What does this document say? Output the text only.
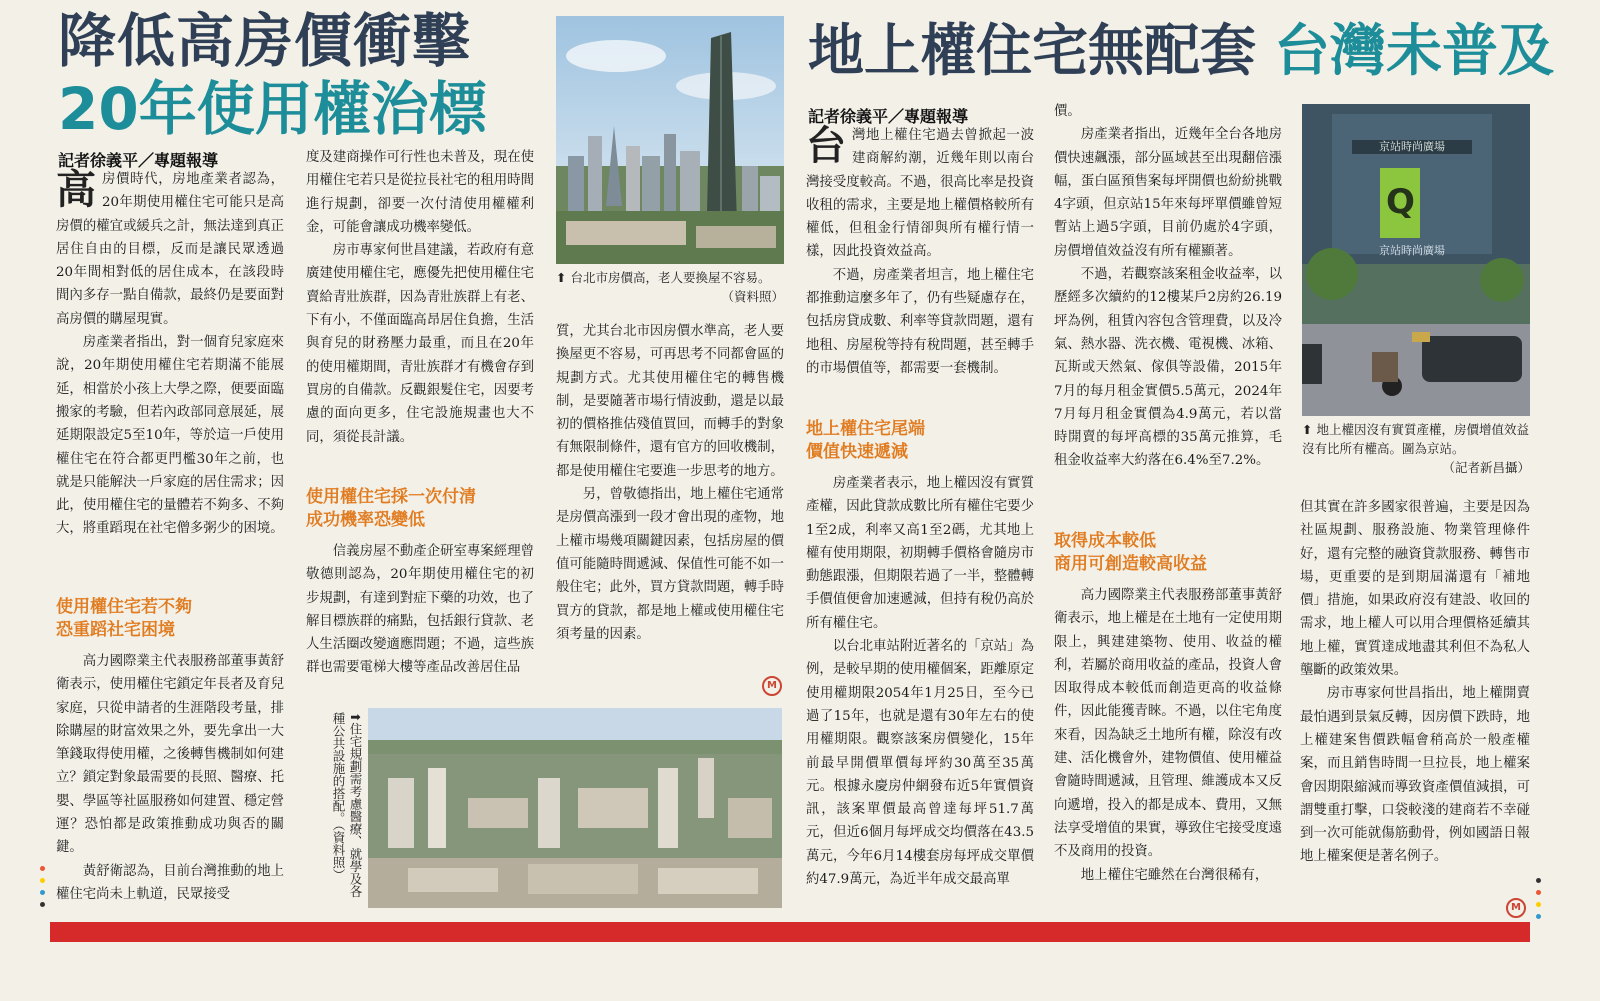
降低高房價衝擊
20年使用權治標
地上權住宅無配套 台灣未普及
記者徐義平／專題報導

高房價時代，房地產業者認為，20年期使用權住宅可能只是高房價的權宜或緩兵之計，無法達到真正居住自由的目標，反而是讓民眾透過20年間相對低的居住成本，在該段時間內多存一點自備款，最終仍是要面對高房價的購屋現實。

房產業者指出，對一個育兒家庭來說，20年期使用權住宅若期滿不能展延，相當於小孩上大學之際，便要面臨搬家的考驗，但若內政部同意展延，展延期限設定5至10年，等於這一戶使用權住宅在符合都更門檻30年之前，也就是只能解決一戶家庭的居住需求；因此，使用權住宅的量體若不夠多、不夠大，將重蹈現在社宅僧多粥少的困境。

使用權住宅若不夠
恐重蹈社宅困境

高力國際業主代表服務部董事黃舒衛表示，使用權住宅鎖定年長者及育兒家庭，只從申請者的生涯階段考量，排除購屋的財富效果之外，要先拿出一大筆錢取得使用權，之後轉售機制如何建立？鎖定對象最需要的長照、醫療、托嬰、學區等社區服務如何建置、穩定營運？恐怕都是政策推動成功與否的關鍵。

黃舒衛認為，目前台灣推動的地上權住宅尚未上軌道，民眾接受

度及建商操作可行性也未普及，現在使用權住宅若只是從拉長社宅的租用時間進行規劃，卻要一次付清使用權權利金，可能會讓成功機率變低。

房市專家何世昌建議，若政府有意廣建使用權住宅，應優先把使用權住宅賣給青壯族群，因為青壯族群上有老、下有小，不僅面臨高昂居住負擔，生活與育兒的財務壓力最重，而且在20年的使用權期間，青壯族群才有機會存到買房的自備款。反觀銀髮住宅，因要考慮的面向更多，住宅設施規畫也大不同，須從長計議。

使用權住宅採一次付清
成功機率恐變低

信義房屋不動產企研室專案經理曾敬德則認為，20年期使用權住宅的初步規劃，有達到對症下藥的功效，也了解目標族群的痛點，包括銀行貸款、老人生活圈改變適應問題；不過，這些族群也需要電梯大樓等產品改善居住品

質，尤其台北市因房價水準高，老人要換屋更不容易，可再思考不同都會區的規劃方式。尤其使用權住宅的轉售機制，是要隨著市場行情波動，還是以最初的價格推估殘值買回，而轉手的對象有無限制條件，還有官方的回收機制，都是使用權住宅要進一步思考的地方。

另，曾敬德指出，地上權住宅通常是房價高漲到一段才會出現的產物，地上權市場幾項關鍵因素，包括房屋的價值可能隨時間遞減、保值性可能不如一般住宅；此外，買方貸款問題，轉手時買方的貸款，都是地上權或使用權住宅須考量的因素。

M
⬆ 台北市房價高，老人要換屋不容易。
（資料照）
⬆住宅規劃需考慮醫療、就學及各種公共設施的搭配。（資料照）
記者徐義平／專題報導

台灣地上權住宅過去曾掀起一波建商解約潮，近幾年則以南台灣接受度較高。不過，很高比率是投資收租的需求，主要是地上權價格較所有權低，但租金行情卻與所有權行情一樣，因此投資效益高。

不過，房產業者坦言，地上權住宅都推動這麼多年了，仍有些疑慮存在，包括房貸成數、利率等貸款問題，還有地租、房屋稅等持有稅問題，甚至轉手的市場價值等，都需要一套機制。

地上權住宅尾端
價值快速遞減

房產業者表示，地上權因沒有實質產權，因此貸款成數比所有權住宅要少1至2成，利率又高1至2碼，尤其地上權有使用期限，初期轉手價格會隨房市動態跟漲，但期限若過了一半，整體轉手價值便會加速遞減，但持有稅仍高於所有權住宅。

以台北車站附近著名的「京站」為例，是較早期的使用權個案，距離原定使用權期限2054年1月25日，至今已過了15年，也就是還有30年左右的使用權期限。觀察該案房價變化，15年前最早開價單價每坪約30萬至35萬元。根據永慶房仲網發布近5年實價資訊，該案單價最高曾達每坪51.7萬元，但近6個月每坪成交均價落在43.5萬元，今年6月14樓套房每坪成交單價約47.9萬元，為近半年成交最高單

價。

房產業者指出，近幾年全台各地房價快速飆漲，部分區域甚至出現翻倍漲幅，蛋白區預售案每坪開價也紛紛挑戰4字頭，但京站15年來每坪單價雖曾短暫站上過5字頭，目前仍處於4字頭，房價增值效益沒有所有權顯著。

不過，若觀察該案租金收益率，以歷經多次續約的12樓某戶2房約26.19坪為例，租賃內容包含管理費，以及冷氣、熱水器、洗衣機、電視機、冰箱、瓦斯或天然氣、傢俱等設備，2015年7月的每月租金實價5.5萬元，2024年7月每月租金實價為4.9萬元，若以當時開賣的每坪高標的35萬元推算，毛租金收益率大約落在6.4%至7.2%。

取得成本較低
商用可創造較高收益

高力國際業主代表服務部董事黃舒衛表示，地上權是在土地有一定使用期限上，興建建築物、使用、收益的權利，若屬於商用收益的產品，投資人會因取得成本較低而創造更高的收益條件，因此能獲青睞。不過，以住宅角度來看，因為缺乏土地所有權，除沒有改建、活化機會外，建物價值、使用權益會隨時間遞減，且管理、維護成本又反向遞增，投入的都是成本、費用，又無法享受增值的果實，導致住宅接受度遠不及商用的投資。

地上權住宅雖然在台灣很稀有，

京站時尚廣場
Q
京站時尚廣場
⬆ 地上權因沒有實質產權，房價增值效益沒有比所有權高。圖為京站。
（記者新昌攝）

但其實在許多國家很普遍，主要是因為社區規劃、服務設施、物業管理條件好，還有完整的融資貸款服務、轉售市場，更重要的是到期屆滿還有「補地價」措施，如果政府沒有建設、收回的需求，地上權人可以用合理價格延續其地上權，實質達成地盡其利但不為私人壟斷的政策效果。

房市專家何世昌指出，地上權開賣最怕遇到景氣反轉，因房價下跌時，地上權建案售價跌幅會稍高於一般產權案，而且銷售時間一旦拉長，地上權案會因期限縮減而導致資產價值減損，可謂雙重打擊，口袋較淺的建商若不幸碰到一次可能就傷筋動骨，例如國語日報地上權案便是著名例子。

M
